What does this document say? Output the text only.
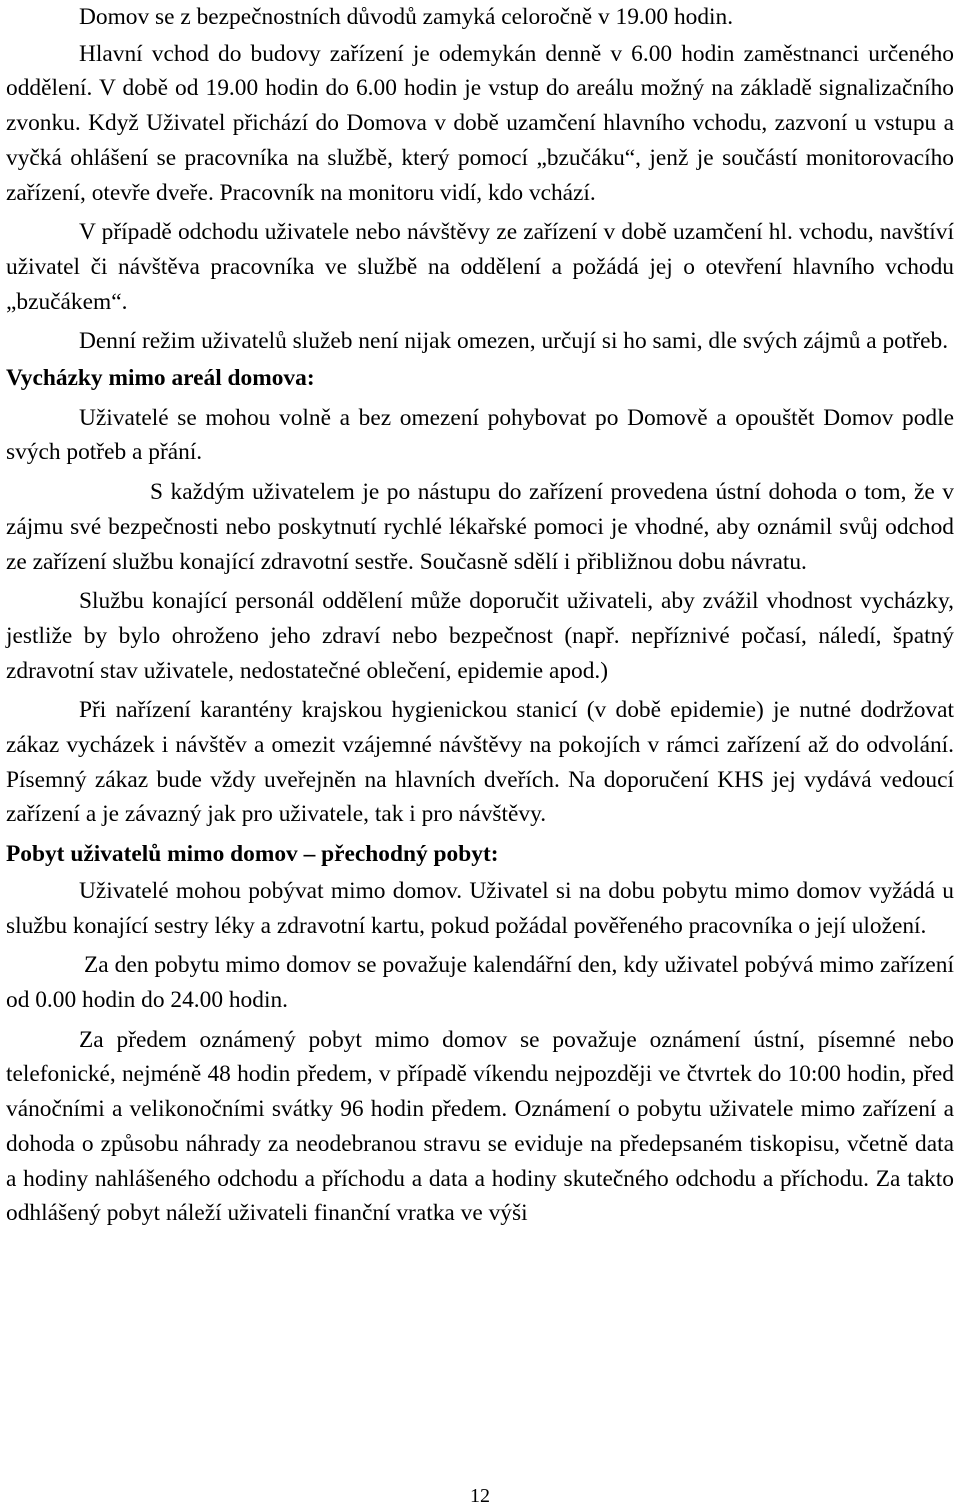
Domov se z bezpečnostních důvodů zamyká celoročně v 19.00 hodin.

Hlavní vchod do budovy zařízení je odemykán denně v 6.00 hodin zaměstnanci určeného oddělení. V době od 19.00 hodin do 6.00 hodin je vstup do areálu možný na základě signalizačního zvonku. Když Uživatel přichází do Domova v době uzamčení hlavního vchodu, zazvoní u vstupu a vyčká ohlášení se pracovníka na službě, který pomocí „bzučáku“, jenž je součástí monitorovacího zařízení, otevře dveře. Pracovník na monitoru vidí, kdo vchází.

V případě odchodu uživatele nebo návštěvy ze zařízení v době uzamčení hl. vchodu, navštíví uživatel či návštěva pracovníka ve službě na oddělení a požádá jej o otevření hlavního vchodu „bzučákem“.

Denní režim uživatelů služeb není nijak omezen, určují si ho sami, dle svých zájmů a potřeb.

Vycházky mimo areál domova:

Uživatelé se mohou volně a bez omezení pohybovat po Domově a opouštět Domov podle svých potřeb a přání.

S každým uživatelem je po nástupu do zařízení provedena ústní dohoda o tom, že v zájmu své bezpečnosti nebo poskytnutí rychlé lékařské pomoci je vhodné, aby oznámil svůj odchod ze zařízení službu konající zdravotní sestře. Současně sdělí i přibližnou dobu návratu.

Službu konající personál oddělení může doporučit uživateli, aby zvážil vhodnost vycházky, jestliže by bylo ohroženo jeho zdraví nebo bezpečnost (např. nepříznivé počasí, náledí, špatný zdravotní stav uživatele, nedostatečné oblečení, epidemie apod.)

Při nařízení karantény krajskou hygienickou stanicí (v době epidemie) je nutné dodržovat zákaz vycházek i návštěv a omezit vzájemné návštěvy na pokojích v rámci zařízení až do odvolání. Písemný zákaz bude vždy uveřejněn na hlavních dveřích. Na doporučení KHS jej vydává vedoucí zařízení a je závazný jak pro uživatele, tak i pro návštěvy.

Pobyt uživatelů mimo domov – přechodný pobyt:

Uživatelé mohou pobývat mimo domov. Uživatel si na dobu pobytu mimo domov vyžádá u službu konající sestry léky a zdravotní kartu, pokud požádal pověřeného pracovníka o její uložení.

Za den pobytu mimo domov se považuje kalendářní den, kdy uživatel pobývá mimo zařízení od 0.00 hodin do 24.00 hodin.

Za předem oznámený pobyt mimo domov se považuje oznámení ústní, písemné nebo telefonické, nejméně 48 hodin předem, v případě víkendu nejpozději ve čtvrtek do 10:00 hodin, před vánočními a velikonočními svátky 96 hodin předem. Oznámení o pobytu uživatele mimo zařízení a dohoda o způsobu náhrady za neodebranou stravu se eviduje na předepsaném tiskopisu, včetně data a hodiny nahlášeného odchodu a příchodu a data a hodiny skutečného odchodu a příchodu. Za takto odhlášený pobyt náleží uživateli finanční vratka ve výši

12
